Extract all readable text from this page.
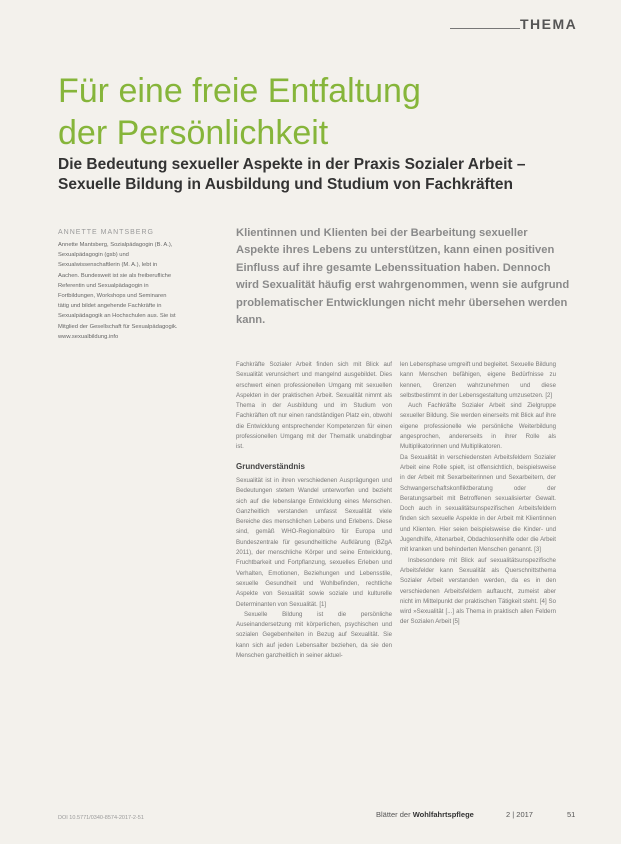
THEMA
Für eine freie Entfaltung
der Persönlichkeit
Die Bedeutung sexueller Aspekte in der Praxis Sozialer Arbeit –
Sexuelle Bildung in Ausbildung und Studium von Fachkräften
ANNETTE MANTSBERG
Annette Mantsberg, Sozialpädagogin (B. A.), Sexualpädagogin (gsb) und Sexualwissenschaftlerin (M. A.), lebt in Aachen. Bundesweit ist sie als freiberufliche Referentin und Sexualpädagogin in Fortbildungen, Workshops und Seminaren tätig und bildet angehende Fachkräfte in Sexualpädagogik an Hochschulen aus. Sie ist Mitglied der Gesellschaft für Sexualpädagogik. www.sexualbildung.info

Klientinnen und Klienten bei der Bearbeitung sexueller Aspekte ihres Lebens zu unterstützen, kann einen positiven Einfluss auf ihre gesamte Lebenssituation haben. Dennoch wird Sexualität häufig erst wahrgenommen, wenn sie aufgrund problematischer Entwicklungen nicht mehr übersehen werden kann.

Fachkräfte Sozialer Arbeit finden sich mit Blick auf Sexualität verunsichert und mangelnd ausgebildet. Dies erschwert einen professionellen Umgang mit sexuellen Aspekten in der praktischen Arbeit. Sexualität nimmt als Thema in der Ausbildung und im Studium von Fachkräften oft nur einen randständigen Platz ein, obwohl die Entwicklung entsprechender Kompetenzen für einen professionellen Umgang mit der Thematik unabdingbar ist.

Grundverständnis

Sexualität ist in ihren verschiedenen Ausprägungen und Bedeutungen stetem Wandel unterworfen und bezieht sich auf die lebenslange Entwicklung eines Menschen. Ganzheitlich verstanden umfasst Sexualität viele Bereiche des menschlichen Lebens und Erlebens. Diese sind, gemäß WHO-Regionalbüro für Europa und Bundeszentrale für gesundheitliche Aufklärung (BZgA 2011), der menschliche Körper und seine Entwicklung, Fruchtbarkeit und Fortpflanzung, sexuelles Erleben und Verhalten, Emotionen, Beziehungen und Lebensstile, sexuelle Gesundheit und Wohlbefinden, rechtliche Aspekte von Sexualität sowie soziale und kulturelle Determinanten von Sexualität. [1]

Sexuelle Bildung ist die persönliche Auseinandersetzung mit körperlichen, psychischen und sozialen Gegebenheiten in Bezug auf Sexualität. Sie kann sich auf jeden Lebensalter beziehen, da sie den Menschen ganzheitlich in seiner aktuel-

len Lebensphase umgreift und begleitet. Sexuelle Bildung kann Menschen befähigen, eigene Bedürfnisse zu kennen, Grenzen wahrzunehmen und diese selbstbestimmt in der Lebensgestaltung umzusetzen. [2]

Auch Fachkräfte Sozialer Arbeit sind Zielgruppe sexueller Bildung. Sie werden einerseits mit Blick auf ihre eigene professionelle wie persönliche Weiterbildung angesprochen, andererseits in ihrer Rolle als Multiplikatorinnen und Multiplikatoren.

Da Sexualität in verschiedensten Arbeitsfeldern Sozialer Arbeit eine Rolle spielt, ist offensichtlich, beispielsweise in der Arbeit mit Sexarbeiterinnen und Sexarbeitern, der Schwangerschaftskonfliktberatung oder der Beratungsarbeit mit Betroffenen sexualisierter Gewalt. Doch auch in sexualitätsunspezifischen Arbeitsfeldern finden sich sexuelle Aspekte in der Arbeit mit Klientinnen und Klienten. Hier seien beispielsweise die Kinder- und Jugendhilfe, Altenarbeit, Obdachlosenhilfe oder die Arbeit mit kranken und behinderten Menschen genannt. [3]

Insbesondere mit Blick auf sexualitätsunspezifische Arbeitsfelder kann Sexualität als Querschnittsthema Sozialer Arbeit verstanden werden, da es in den verschiedenen Arbeitsfeldern auftaucht, zumeist aber nicht im Mittelpunkt der praktischen Tätigkeit steht. [4] So wird »Sexualität [...] als Thema in praktisch allen Feldern der Sozialen Arbeit [5]

DOI 10.5771/0340-8574-2017-2-51	Blätter der Wohlfahrtspflege	2 | 2017	51
